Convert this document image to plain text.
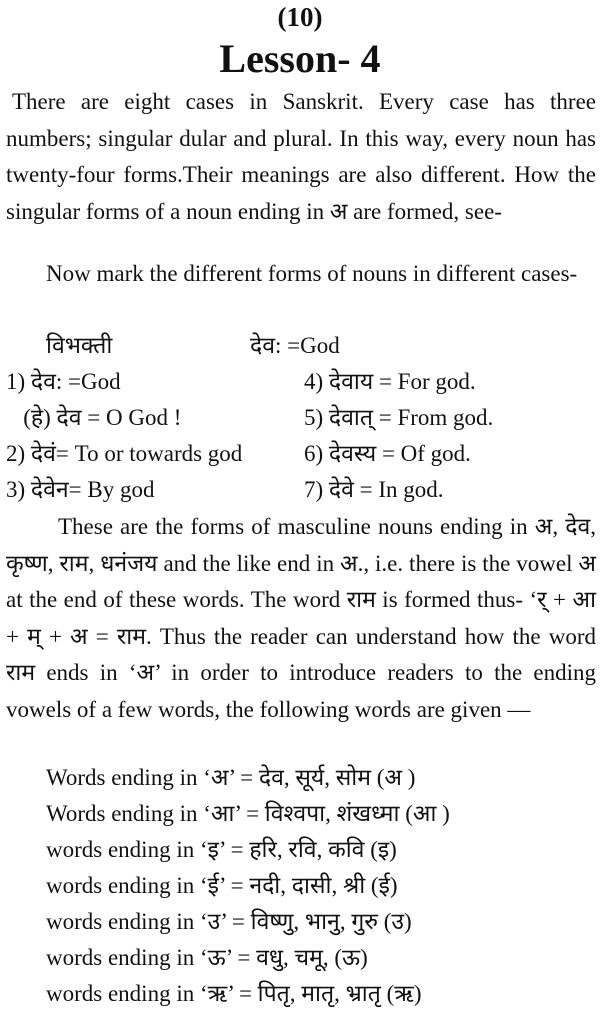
(10)
Lesson- 4
There are eight cases in Sanskrit. Every case has three numbers; singular dular and plural. In this way, every noun has twenty-four forms.Their meanings are also different. How the singular forms of a noun ending in अ are formed, see-
Now mark the different forms of nouns in different cases-
विभक्ती	देव: =God
1) देव: =God	4) देवाय = For god.
(हे) देव = O God !	5) देवात् = From god.
2) देवं= To or towards god	6) देवस्य = Of god.
3) देवेन= By god	7) देवे = In god.
These are the forms of masculine nouns ending in अ, देव, कृष्ण, राम, धनंजय and the like end in अ., i.e. there is the vowel अ at the end of these words. The word राम is formed thus- ‘र् + आ + म् + अ = राम. Thus the reader can understand how the word राम ends in ‘अ’ in order to introduce readers to the ending vowels of a few words, the following words are given —
Words ending in ‘अ’ = देव, सूर्य, सोम (अ )
Words ending in ‘आ’ = विश्वपा, शंखध्मा (आ )
words ending in ‘इ’ = हरि, रवि, कवि (इ)
words ending in ‘ई’ = नदी, दासी, श्री (ई)
words ending in ‘उ’ = विष्णु, भानु, गुरु (उ)
words ending in ‘ऊ’ = वधु, चमू, (ऊ)
words ending in ‘ऋ’ = पितृ, मातृ, भ्रातृ (ऋ)
